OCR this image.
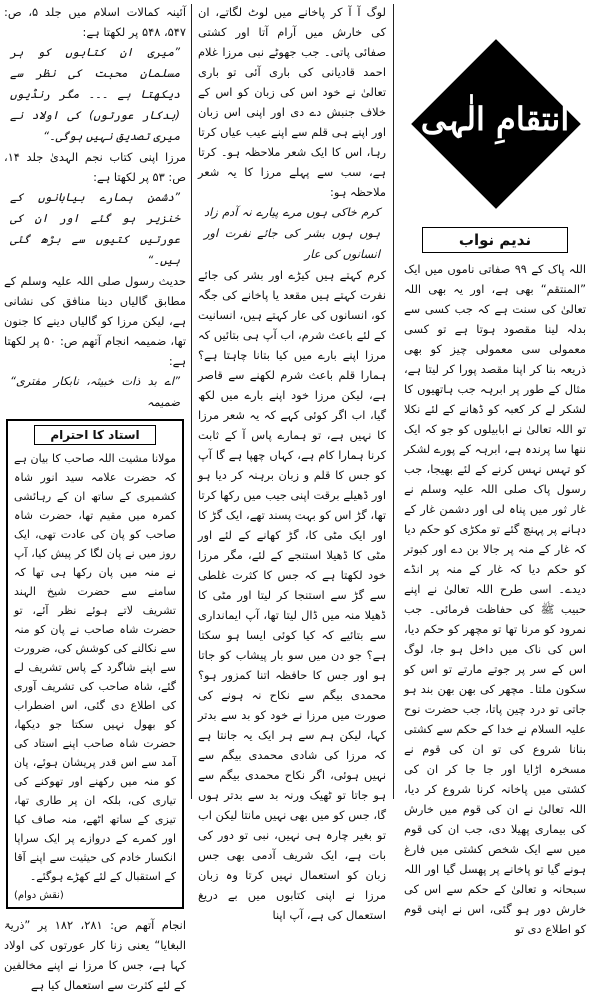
انتقامِ الٰہی
ندیم نواب

اللہ پاک کے ۹۹ صفاتی ناموں میں ایک ”المنتقم“ بھی ہے، اور یہ بھی اللہ تعالیٰ کی سنت ہے کہ جب کسی سے بدلہ لینا مقصود ہوتا ہے تو کسی معمولی سی معمولی چیز کو بھی ذریعہ بنا کر اپنا مقصد پورا کر لیتا ہے، مثال کے طور پر ابرہہ جب ہاتھیوں کا لشکر لے کر کعبہ کو ڈھانے کے لئے نکلا تو اللہ تعالیٰ نے ابابیلوں کو جو کہ ایک ننھا سا پرندہ ہے، ابرہہ کے پورے لشکر کو تہس نہس کرنے کے لئے بھیجا، جب رسول پاک صلی اللہ علیہ وسلم نے غار ثور میں پناہ لی اور دشمن غار کے دہانے پر پہنچ گئے تو مکڑی کو حکم دیا کہ غار کے منہ پر جالا بن دے اور کبوتر کو حکم دیا کہ غار کے منہ پر انڈے دیدے۔ اسی طرح اللہ تعالیٰ نے اپنے حبیب ﷺ کی حفاظت فرمائی۔ جب نمرود کو مرنا تھا تو مچھر کو حکم دیا، اس کی ناک میں داخل ہو جا، لوگ اس کے سر پر جوتے مارتے تو اس کو سکون ملتا۔ مچھر کی بھن بھن بند ہو جاتی تو درد چین پاتا، جب حضرت نوح علیہ السلام نے خدا کے حکم سے کشتی بنانا شروع کی تو ان کی قوم نے مسخرہ اڑایا اور جا جا کر ان کی کشتی میں پاخانہ کرنا شروع کر دیا، اللہ تعالیٰ نے ان کی قوم میں خارش کی بیماری پھیلا دی، جب ان کی قوم میں سے ایک شخص کشتی میں فارغ ہونے گیا تو پاخانے پر پھسل گیا اور اللہ سبحانہ و تعالیٰ کے حکم سے اس کی خارش دور ہو گئی، اس نے اپنی قوم کو اطلاع دی تو

لوگ آ آ کر پاخانے میں لوٹ لگاتے، ان کی خارش میں آرام آتا اور کشتی صفائی پاتی۔ جب جھوٹے نبی مرزا غلام احمد قادیانی کی باری آئی تو باری تعالیٰ نے خود اس کی زبان کو اس کے خلاف جنبش دے دی اور اپنی اس زبان اور اپنے ہی قلم سے اپنے عیب عیاں کرتا رہا، اس کا ایک شعر ملاحظہ ہو۔ کرتا ہے، سب سے پہلے مرزا کا یہ شعر ملاحظہ ہو:

کرم خاکی ہوں مرے پیارے نہ آدم زاد ہوں ہوں بشر کی جائے نفرت اور انسانوں کی عار

کرم کہتے ہیں کیڑے اور بشر کی جائے نفرت کہتے ہیں مقعد یا پاخانے کی جگہ کو، انسانوں کی عار کہتے ہیں، انسانیت کے لئے باعث شرم، اب آپ ہی بتائیں کہ مرزا اپنے بارے میں کیا بتانا چاہتا ہے؟ ہمارا قلم باعث شرم لکھنے سے قاصر ہے، لیکن مرزا خود اپنے بارے میں لکھ گیا، اب اگر کوئی کہے کہ یہ شعر مرزا کا نہیں ہے، تو ہمارے پاس آ کے ثابت کرنا ہمارا کام ہے، کہاں چھپا ہے گا آپ کو جس کا قلم و زبان برہنہ کر دیا ہو اور ڈھیلے برقت اپنی جیب میں رکھا کرتا تھا، گڑ اس کو بہت پسند تھے، ایک گڑ کا اور ایک مٹی کا، گڑ کھانے کے لئے اور مٹی کا ڈھیلا استنجے کے لئے، مگر مرزا خود لکھتا ہے کہ جس کا کثرت غلطی سے گڑ سے استنجا کر لیتا اور مٹی کا ڈھیلا منہ میں ڈال لیتا تھا، آپ ایمانداری سے بتائیے کہ کیا کوئی ایسا ہو سکتا ہے؟ جو دن میں سو بار پیشاب کو جاتا ہو اور جس کا حافظہ اتنا کمزور ہو؟ محمدی بیگم سے نکاح نہ ہونے کی صورت میں مرزا نے خود کو بد سے بدتر کہا، لیکن ہم سے ہر ایک یہ جانتا ہے کہ مرزا کی شادی محمدی بیگم سے نہیں ہوئی، اگر نکاح محمدی بیگم سے ہو جاتا تو ٹھیک ورنہ بد سے بدتر ہوں گا، جس کو میں بھی نہیں مانتا لیکن اب تو بغیر چارہ ہی نہیں، نبی تو دور کی بات ہے، ایک شریف آدمی بھی جس زبان کو استعمال نہیں کرتا وہ زبان مرزا نے اپنی کتابوں میں بے دریغ استعمال کی ہے، آپ اپنا

آئینہ کمالات اسلام میں جلد ۵، ص: ۵۴۷، ۵۴۸ پر لکھتا ہے:

”میری ان کتابوں کو ہر مسلمان محبت کی نظر سے دیکھتا ہے ۔۔۔ مگر رنڈیوں (بدکار عورتوں) کی اولاد نے میری تصدیق نہیں ہوگی۔“

مرزا اپنی کتاب نجم الہدیٰ جلد ۱۴، ص: ۵۳ پر لکھتا ہے:

”دشمن ہمارے بیابانوں کے خنزیر ہو گئے اور ان کی عورتیں کتیوں سے بڑھ گئی ہیں۔“

حدیث رسول صلی اللہ علیہ وسلم کے مطابق گالیاں دینا منافق کی نشانی ہے، لیکن مرزا کو گالیاں دینے کا جنون تھا، ضمیمہ انجام آتھم ص: ۵۰ پر لکھتا ہے:

”اے بد ذات خبیثہ، نابکار مفتری“ ضمیمہ

استاد کا احترام

مولانا مشیت اللہ صاحب کا بیان ہے کہ حضرت علامہ سید انور شاہ کشمیری کے ساتھ ان کے رہائشی کمرہ میں مقیم تھا، حضرت شاہ صاحب کو پان کی عادت تھی، ایک روز میں نے پان لگا کر پیش کیا، آپ نے منہ میں پان رکھا ہی تھا کہ سامنے سے حضرت شیخ الہند تشریف لاتے ہوئے نظر آئے، تو حضرت شاہ صاحب نے پان کو منہ سے نکالنے کی کوشش کی، ضرورت سے اپنے شاگرد کے پاس تشریف لے گئے، شاہ صاحب کی تشریف آوری کی اطلاع دی گئی، اس اضطراب کو بھول نہیں سکتا جو دیکھا، حضرت شاہ صاحب اپنے استاد کی آمد سے اس قدر پریشان ہوئے، پان کو منہ میں رکھنے اور تھوکنے کی تیاری کی، بلکہ ان پر طاری تھا، تیزی کے ساتھ اٹھے، منہ صاف کیا اور کمرے کے دروازے پر ایک سراپا انکسار خادم کی حیثیت سے اپنے آقا کے استقبال کے لئے کھڑے ہوگئے۔

(نقش دوام)

انجام آتھم ص: ۲۸۱، ۱۸۲ پر ”ذریۃ البغایا“ یعنی زنا کار عورتوں کی اولاد کہا ہے، جس کا مرزا نے اپنے مخالفین کے لئے کثرت سے استعمال کیا ہے
